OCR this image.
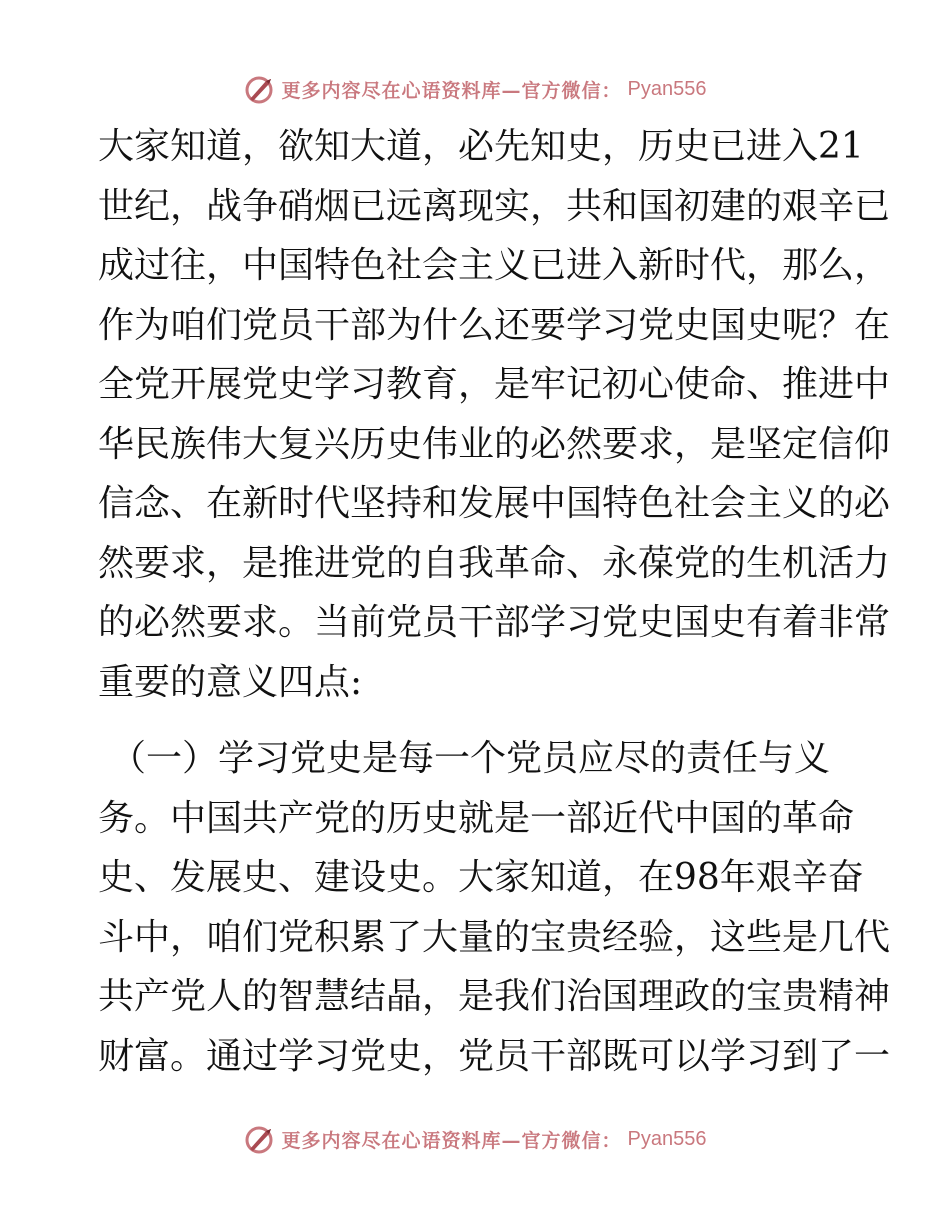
更多内容尽在心语资料库—官方微信： Pyan556
大家知道，欲知大道，必先知史，历史已进入21
世纪，战争硝烟已远离现实，共和国初建的艰辛已
成过往，中国特色社会主义已进入新时代，那么，
作为咱们党员干部为什么还要学习党史国史呢？在
全党开展党史学习教育，是牢记初心使命、推进中
华民族伟大复兴历史伟业的必然要求，是坚定信仰
信念、在新时代坚持和发展中国特色社会主义的必
然要求，是推进党的自我革命、永葆党的生机活力
的必然要求。当前党员干部学习党史国史有着非常
重要的意义四点:
（一）学习党史是每一个党员应尽的责任与义
务。中国共产党的历史就是一部近代中国的革命
史、发展史、建设史。大家知道，在98年艰辛奋
斗中，咱们党积累了大量的宝贵经验，这些是几代
共产党人的智慧结晶，是我们治国理政的宝贵精神
财富。通过学习党史，党员干部既可以学习到了一
更多内容尽在心语资料库—官方微信： Pyan556
